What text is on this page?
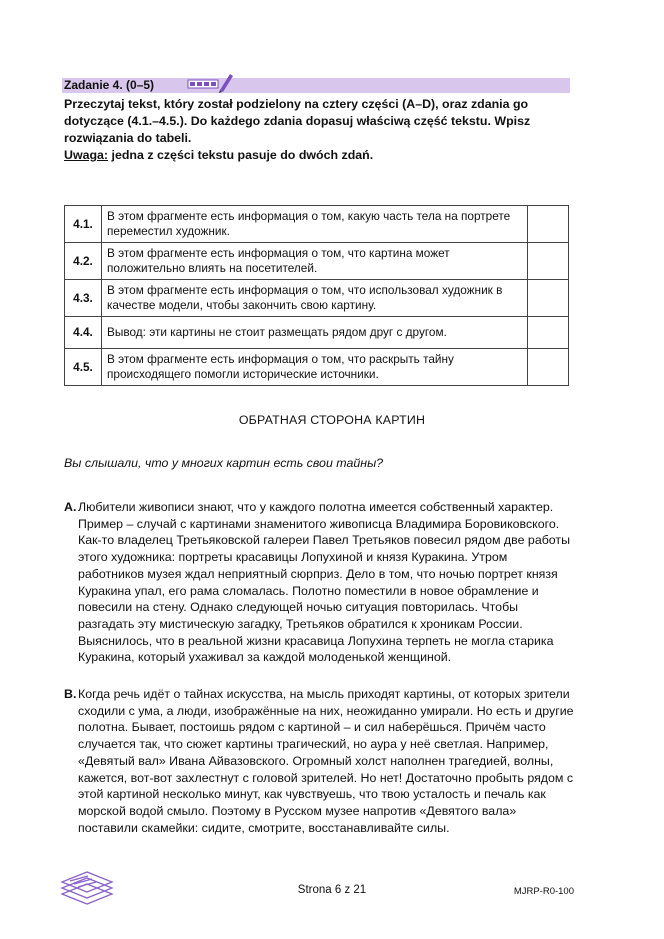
Zadanie 4. (0–5)
Przeczytaj tekst, który został podzielony na cztery części (A–D), oraz zdania go dotyczące (4.1.–4.5.). Do każdego zdania dopasuj właściwą część tekstu. Wpisz rozwiązania do tabeli.
Uwaga: jedna z części tekstu pasuje do dwóch zdań.
4.1.	В этом фрагменте есть информация о том, какую часть тела на портрете переместил художник.	
4.2.	В этом фрагменте есть информация о том, что картина может положительно влиять на посетителей.	
4.3.	В этом фрагменте есть информация о том, что использовал художник в качестве модели, чтобы закончить свою картину.	
4.4.	Вывод: эти картины не стоит размещать рядом друг с другом.	
4.5.	В этом фрагменте есть информация о том, что раскрыть тайну происходящего помогли исторические источники.	
ОБРАТНАЯ СТОРОНА КАРТИН
Вы слышали, что у многих картин есть свои тайны?
A. Любители живописи знают, что у каждого полотна имеется собственный характер. Пример – случай с картинами знаменитого живописца Владимира Боровиковского. Как-то владелец Третьяковской галереи Павел Третьяков повесил рядом две работы этого художника: портреты красавицы Лопухиной и князя Куракина. Утром работников музея ждал неприятный сюрприз. Дело в том, что ночью портрет князя Куракина упал, его рама сломалась. Полотно поместили в новое обрамление и повесили на стену. Однако следующей ночью ситуация повторилась. Чтобы разгадать эту мистическую загадку, Третьяков обратился к хроникам России. Выяснилось, что в реальной жизни красавица Лопухина терпеть не могла старика Куракина, который ухаживал за каждой молоденькой женщиной.
B. Когда речь идёт о тайнах искусства, на мысль приходят картины, от которых зрители сходили с ума, а люди, изображённые на них, неожиданно умирали. Но есть и другие полотна. Бывает, постоишь рядом с картиной – и сил наберёшься. Причём часто случается так, что сюжет картины трагический, но аура у неё светлая. Например, «Девятый вал» Ивана Айвазовского. Огромный холст наполнен трагедией, волны, кажется, вот-вот захлестнут с головой зрителей. Но нет! Достаточно пробыть рядом с этой картиной несколько минут, как чувствуешь, что твою усталость и печаль как морской водой смыло. Поэтому в Русском музее напротив «Девятого вала» поставили скамейки: сидите, смотрите, восстанавливайте силы.
Strona 6 z 21	MJRP-R0-100
